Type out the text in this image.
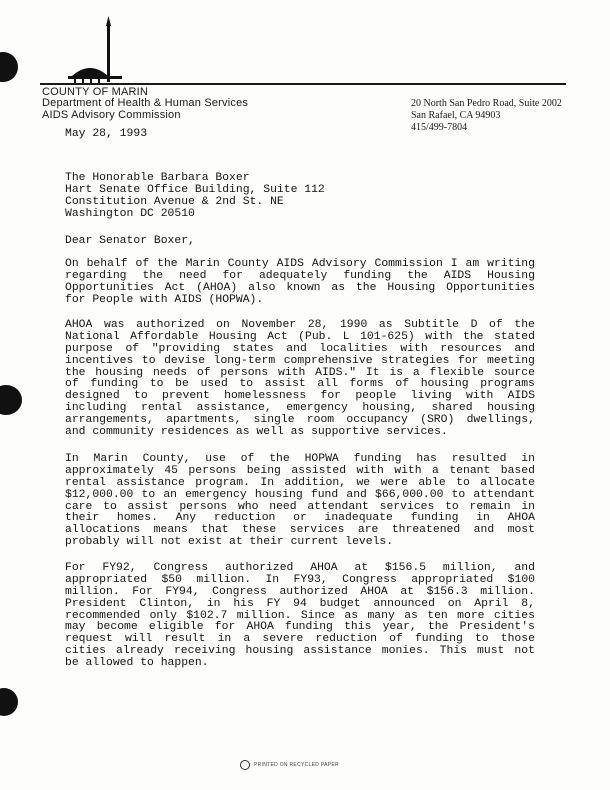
COUNTY OF MARIN
Department of Health & Human Services
AIDS Advisory Commission
20 North San Pedro Road, Suite 2002
San Rafael, CA 94903
415/499-7804
May 28, 1993
The Honorable Barbara Boxer
Hart Senate Office Building, Suite 112
Constitution Avenue & 2nd St. NE
Washington DC 20510
Dear Senator Boxer,
On behalf of the Marin County AIDS Advisory Commission I am writing
regarding the need for adequately funding the AIDS Housing
Opportunities Act (AHOA) also known as the Housing Opportunities
for People with AIDS (HOPWA).
AHOA was authorized on November 28, 1990 as Subtitle D of the
National Affordable Housing Act (Pub. L 101-625) with the stated
purpose of "providing states and localities with resources and
incentives to devise long-term comprehensive strategies for meeting
the housing needs of persons with AIDS." It is a flexible source
of funding to be used to assist all forms of housing programs
designed to prevent homelessness for people living with AIDS
including rental assistance, emergency housing, shared housing
arrangements, apartments, single room occupancy (SRO) dwellings,
and community residences as well as supportive services.
In Marin County, use of the HOPWA funding has resulted in
approximately 45 persons being assisted with with a tenant based
rental assistance program. In addition, we were able to allocate
$12,000.00 to an emergency housing fund and $66,000.00 to attendant
care to assist persons who need attendant services to remain in
their homes. Any reduction or inadequate funding in AHOA
allocations means that these services are threatened and most
probably will not exist at their current levels.
For FY92, Congress authorized AHOA at $156.5 million, and
appropriated $50 million. In FY93, Congress appropriated $100
million. For FY94, Congress authorized AHOA at $156.3 million.
President Clinton, in his FY 94 budget announced on April 8,
recommended only $102.7 million. Since as many as ten more cities
may become eligible for AHOA funding this year, the President's
request will result in a severe reduction of funding to those
cities already receiving housing assistance monies. This must not
be allowed to happen.
PRINTED ON RECYCLED PAPER
